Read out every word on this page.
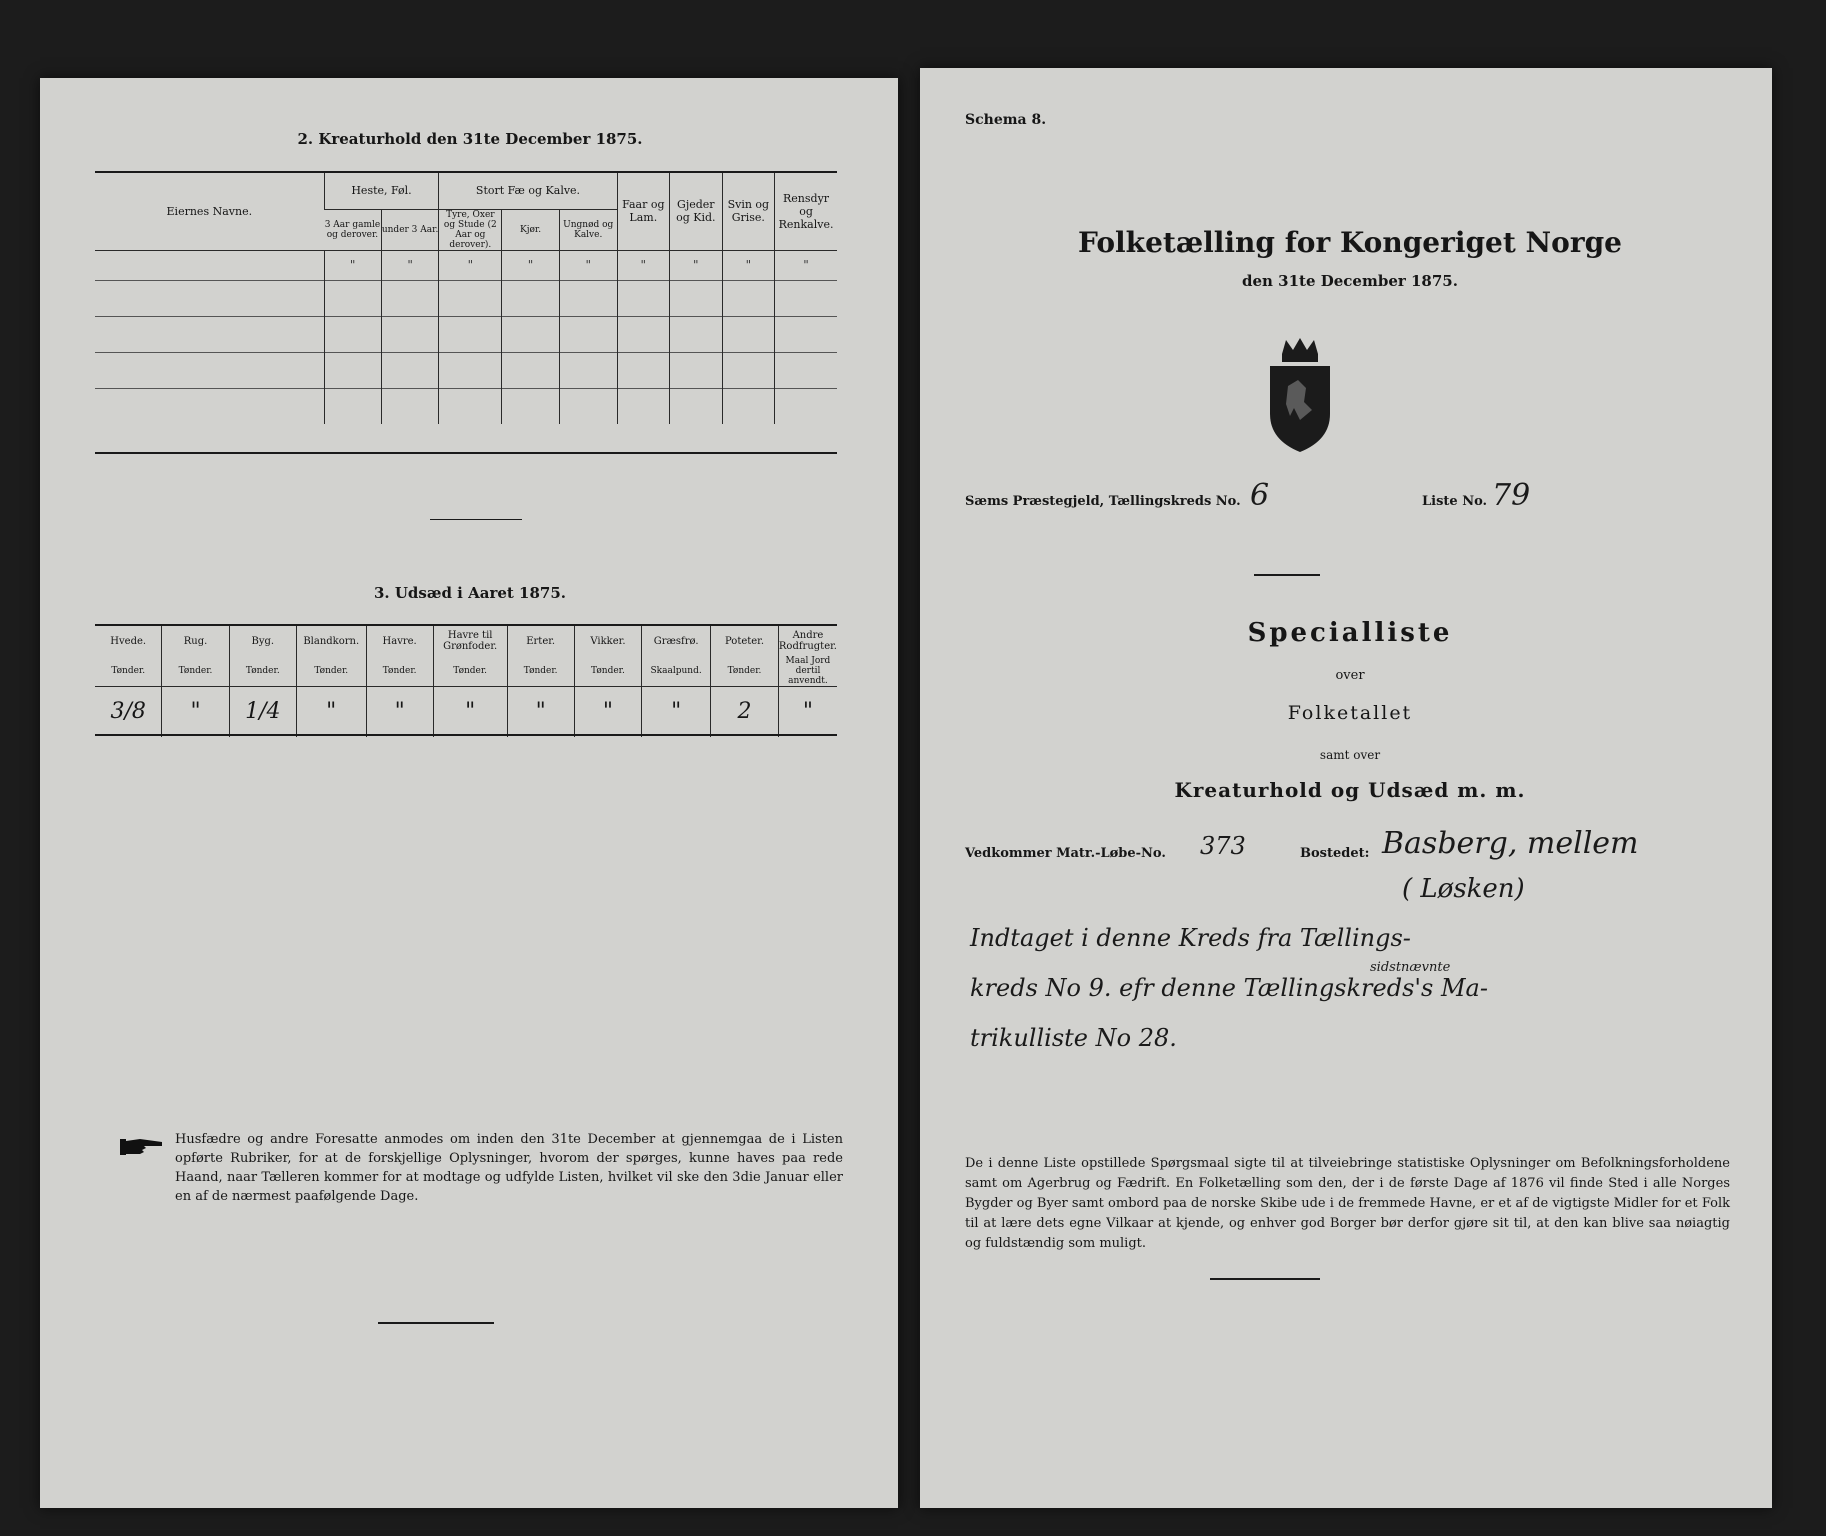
2. Kreaturhold den 31te December 1875.
Eiernes Navne.	Heste, Føl.		Stort Fæ og Kalve.			Faar og Lam.	Gjeder og Kid.	Svin og Grise.	Rensdyr og Renkalve.
	3 Aar gamle og derover.	under 3 Aar.	Tyre, Oxer og Stude (2 Aar og derover).	Kjør.	Ungnød og Kalve.				
	"	"	"	"	"	"	"	"	"

3. Udsæd i Aaret 1875.
Hvede.	Rug.	Byg.	Blandkorn.	Havre.	Havre til Grønfoder.	Erter.	Vikker.	Græsfrø.	Poteter.	Andre Rodfrugter.
Tønder.	Tønder.	Tønder.	Tønder.	Tønder.	Tønder.	Tønder.	Tønder.	Skaalpund.	Tønder.	Maal Jord dertil anvendt.
3/8	"	1/4	"	"	"	"	"	"	2	"
Husfædre og andre Foresatte anmodes om inden den 31te December at gjennemgaa de i Listen opførte Rubriker, for at de forskjellige Oplysninger, hvorom der spørges, kunne haves paa rede Haand, naar Tælleren kommer for at modtage og udfylde Listen, hvilket vil ske den 3die Januar eller en af de nærmest paafølgende Dage.
Schema 8.
Folketælling for Kongeriget Norge
den 31te December 1875.
Sæms Præstegjeld, Tællingskreds No. 6	Liste No. 79
Specialliste
over
Folketallet
samt over
Kreaturhold og Udsæd m. m.
Vedkommer Matr.-Løbe-No. 373	Bostedet: Basberg, mellem
( Løsken)
Indtaget i denne Kreds fra Tællings-
sidstnævnte
kreds No 9. efr denne Tællingskreds's Ma-
trikulliste No 28.
De i denne Liste opstillede Spørgsmaal sigte til at tilveiebringe statistiske Oplysninger om Befolkningsforholdene samt om Agerbrug og Fædrift. En Folketælling som den, der i de første Dage af 1876 vil finde Sted i alle Norges Bygder og Byer samt ombord paa de norske Skibe ude i de fremmede Havne, er et af de vigtigste Midler for et Folk til at lære dets egne Vilkaar at kjende, og enhver god Borger bør derfor gjøre sit til, at den kan blive saa nøiagtig og fuldstændig som muligt.
